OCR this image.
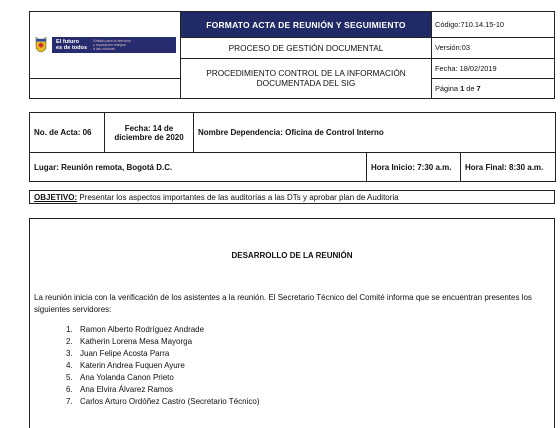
El futuro
es de todos
Unidad para la atención
y reparación integral
a las víctimas	FORMATO ACTA DE REUNIÓN Y SEGUIMIENTO	Código:710.14.15-10
	PROCESO DE GESTIÓN DOCUMENTAL	Versión:03
	PROCEDIMIENTO CONTROL DE LA INFORMACIÓN DOCUMENTADA DEL SIG	Fecha: 18/02/2019
		Página 1 de 7
No. de Acta: 06	Fecha: 14 de diciembre de 2020	Nombre Dependencia: Oficina de Control Interno		
Lugar: Reunión remota, Bogotá D.C.			Hora Inicio: 7:30 a.m.	Hora Final: 8:30 a.m.
OBJETIVO: Presentar los aspectos importantes de las auditorías a las DTs y aprobar plan de Auditoria
DESARROLLO DE LA REUNIÓN
La reunión inicia con la verificación de los asistentes a la reunión. El Secretario Técnico del Comité informa que se encuentran presentes los siguientes servidores:
1. Ramon Alberto Rodríguez Andrade
2. Katherin Lorena Mesa Mayorga
3. Juan Felipe Acosta Parra
4. Katerin Andrea Fuquen Ayure
5. Ana Yolanda Canon Prieto
6. Ana Elvira Álvarez Ramos
7. Carlos Arturo Ordóñez Castro (Secretario Técnico)
